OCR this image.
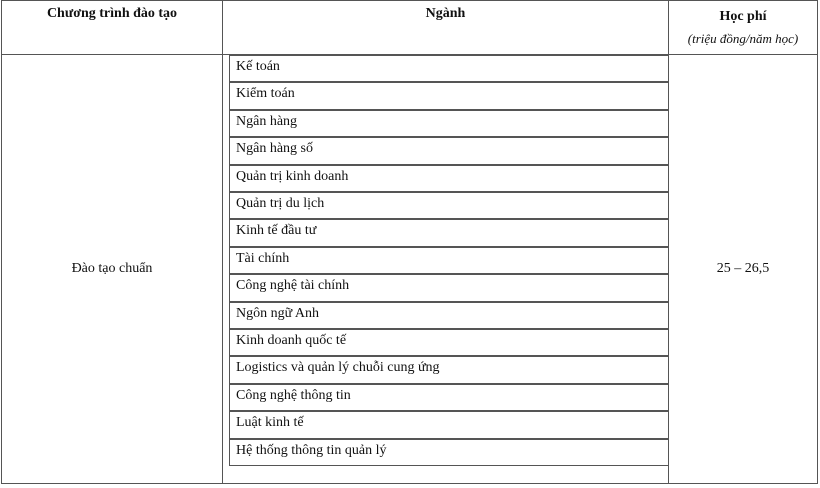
Chương trình đào tạo	Ngành	Học phí
(triệu đồng/năm học)
Đào tạo chuẩn
Kế toán
Kiểm toán
Ngân hàng
Ngân hàng số
Quản trị kinh doanh
Quản trị du lịch
Kinh tế đầu tư
Tài chính
Công nghệ tài chính
Ngôn ngữ Anh
Kinh doanh quốc tế
Logistics và quản lý chuỗi cung ứng
Công nghệ thông tin
Luật kinh tế
Hệ thống thông tin quản lý
25 – 26,5
